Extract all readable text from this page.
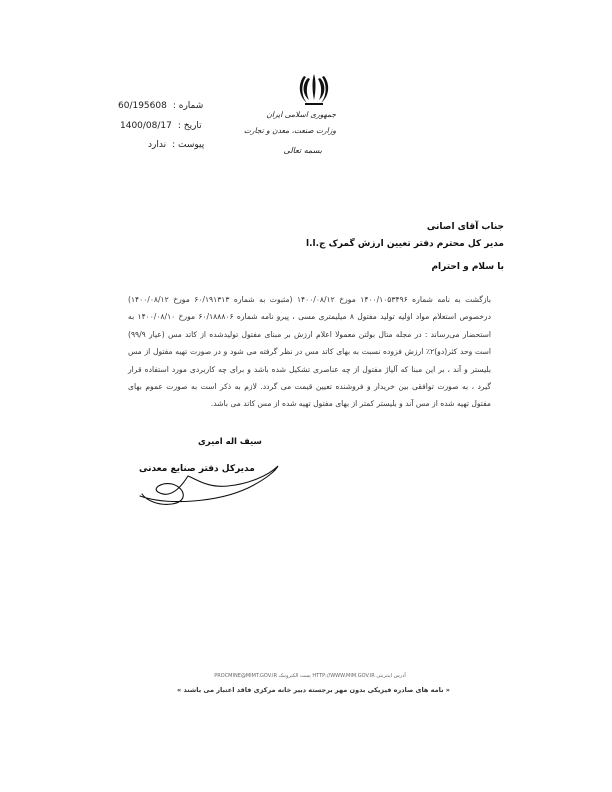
شماره :
60/195608
تاریخ :
1400/08/17
پیوست :
ندارد
جمهوری اسلامی ایران
وزارت صنعت، معدن و تجارت
بسمه تعالی
جناب آقای اصانی
مدیر کل محترم دفتر تعیین ارزش گمرک ج.ا.ا
با سلام و احترام
بازگشت به نامه شماره ۱۴۰۰/۱۰۵۳۴۹۶ مورخ ۱۴۰۰/۰۸/۱۲ (مثبوت به شماره ۶۰/۱۹۱۳۱۳ مورخ ۱۴۰۰/۰۸/۱۲) درخصوص استعلام مواد اولیه تولید مفتول ۸ میلیمتری مسی ، پیرو نامه شماره ۶۰/۱۸۸۸۰۶ مورخ ۱۴۰۰/۰۸/۱۰ به استحضار می‌رساند : در مجله متال بولتن معمولا اعلام ارزش بر مبنای مفتول تولیدشده از کاتد مس (عیار ۹۹/۹) است وحد کثر(دو)۲٪ ارزش فزوده نسبت به بهای کاتد مس در نظر گرفته می شود و در صورت تهیه مفتول از مس بلیستر و آند ، بر این مبنا که آلیاژ مفتول از چه عناصری تشکیل شده باشد و برای چه کاربردی مورد استفاده قرار گیرد ، به صورت توافقی بین خریدار و فروشنده تعیین قیمت می گردد. لازم به ذکر است به صورت عموم بهای مفتول تهیه شده از مس آند و بلیستر کمتر از بهای مفتول تهیه شده از مس کاتد می باشد.
سیف اله امیری
مدیرکل دفتر صنایع معدنی
PROCMINE@MIMT.GOV.IR پست الکترونیک HTTP://WWW.MIM.GOV.IR آدرس اینترنتی
« نامه های صادره فیزیکی بدون مهر برجسته دبیر خانه مرکزی فاقد اعتبار می باشند »
